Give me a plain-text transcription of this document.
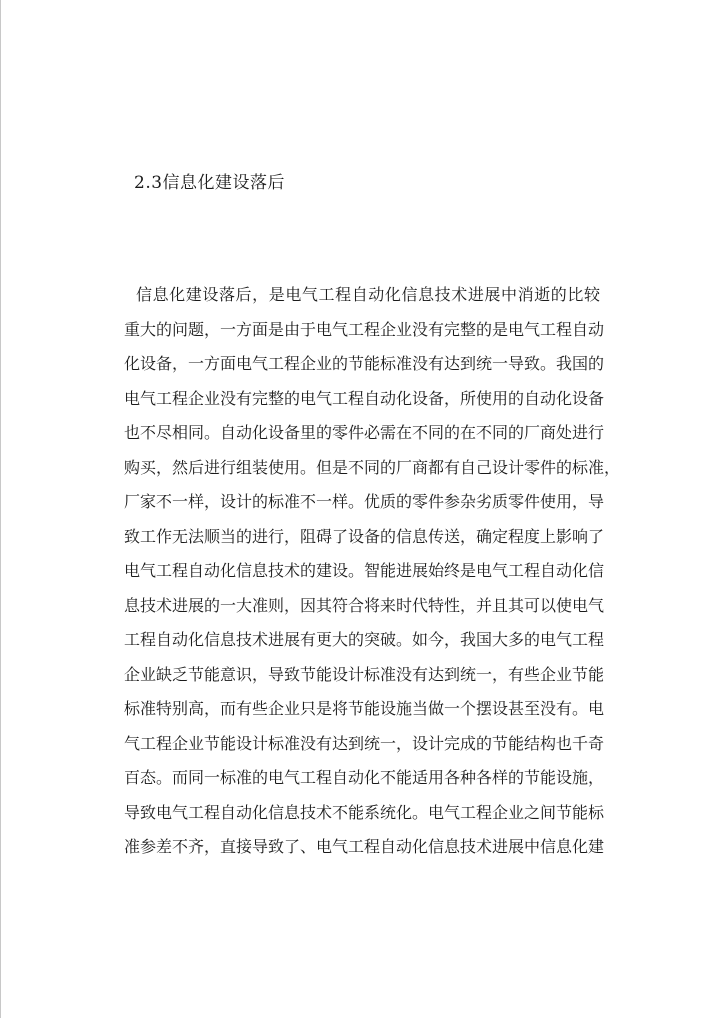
2.3信息化建设落后
信息化建设落后，是电气工程自动化信息技术进展中消逝的比较
重大的问题，一方面是由于电气工程企业没有完整的是电气工程自动
化设备，一方面电气工程企业的节能标准没有达到统一导致。我国的
电气工程企业没有完整的电气工程自动化设备，所使用的自动化设备
也不尽相同。自动化设备里的零件必需在不同的在不同的厂商处进行
购买，然后进行组装使用。但是不同的厂商都有自己设计零件的标准，
厂家不一样，设计的标准不一样。优质的零件参杂劣质零件使用，导
致工作无法顺当的进行，阻碍了设备的信息传送，确定程度上影响了
电气工程自动化信息技术的建设。智能进展始终是电气工程自动化信
息技术进展的一大准则，因其符合将来时代特性，并且其可以使电气
工程自动化信息技术进展有更大的突破。如今，我国大多的电气工程
企业缺乏节能意识，导致节能设计标准没有达到统一，有些企业节能
标准特别高，而有些企业只是将节能设施当做一个摆设甚至没有。电
气工程企业节能设计标准没有达到统一，设计完成的节能结构也千奇
百态。而同一标准的电气工程自动化不能适用各种各样的节能设施，
导致电气工程自动化信息技术不能系统化。电气工程企业之间节能标
准参差不齐，直接导致了、电气工程自动化信息技术进展中信息化建
